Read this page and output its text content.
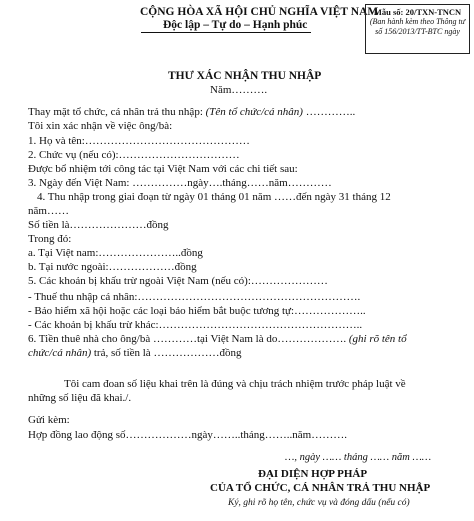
CỘNG HÒA XÃ HỘI CHỦ NGHĨA VIỆT NAM
Độc lập – Tự do – Hạnh phúc
Mẫu số: 20/TXN-TNCN
(Ban hành kèm theo Thông tư
số 156/2013/TT-BTC ngày
THƯ XÁC NHẬN THU NHẬP
Năm……….
Thay mặt tổ chức, cá nhân trả thu nhập: (Tên tổ chức/cá nhân) …………..
Tôi xin xác nhận về việc ông/bà:
1. Họ và tên:………………………………………
2. Chức vụ (nếu có):……………………………
Được bổ nhiệm tới công tác tại Việt Nam với các chi tiết sau:
3. Ngày đến Việt Nam: ……………ngày….tháng……năm…………
4. Thu nhập trong giai đoạn từ ngày 01 tháng 01 năm ……đến ngày 31 tháng 12
năm……
Số tiền là…………………đồng
Trong đó:
a. Tại Việt nam:…………………..đồng
b. Tại nước ngoài:………………đồng
5. Các khoản bị khấu trừ ngoài Việt Nam (nếu có):…………………
- Thuế thu nhập cá nhân:…………………………………………………….
- Bảo hiểm xã hội hoặc các loại bảo hiểm bắt buộc tương tự:………………..
- Các khoản bị khấu trừ khác:………………………………………………..
6. Tiền thuê nhà cho ông/bà …………tại Việt Nam là do………………. (ghi rõ tên tổ
chức/cá nhân) trả, số tiền là ………………đồng
Tôi cam đoan số liệu khai trên là đúng và chịu trách nhiệm trước pháp luật về
những số liệu đã khai./.
Gửi kèm:
Hợp đồng lao động số………………ngày……..tháng……..năm……….
…, ngày …… tháng …… năm ……
ĐẠI DIỆN HỢP PHÁP
CỦA TỔ CHỨC, CÁ NHÂN TRẢ THU NHẬP
Ký, ghi rõ họ tên, chức vụ và đóng dấu (nếu có)
